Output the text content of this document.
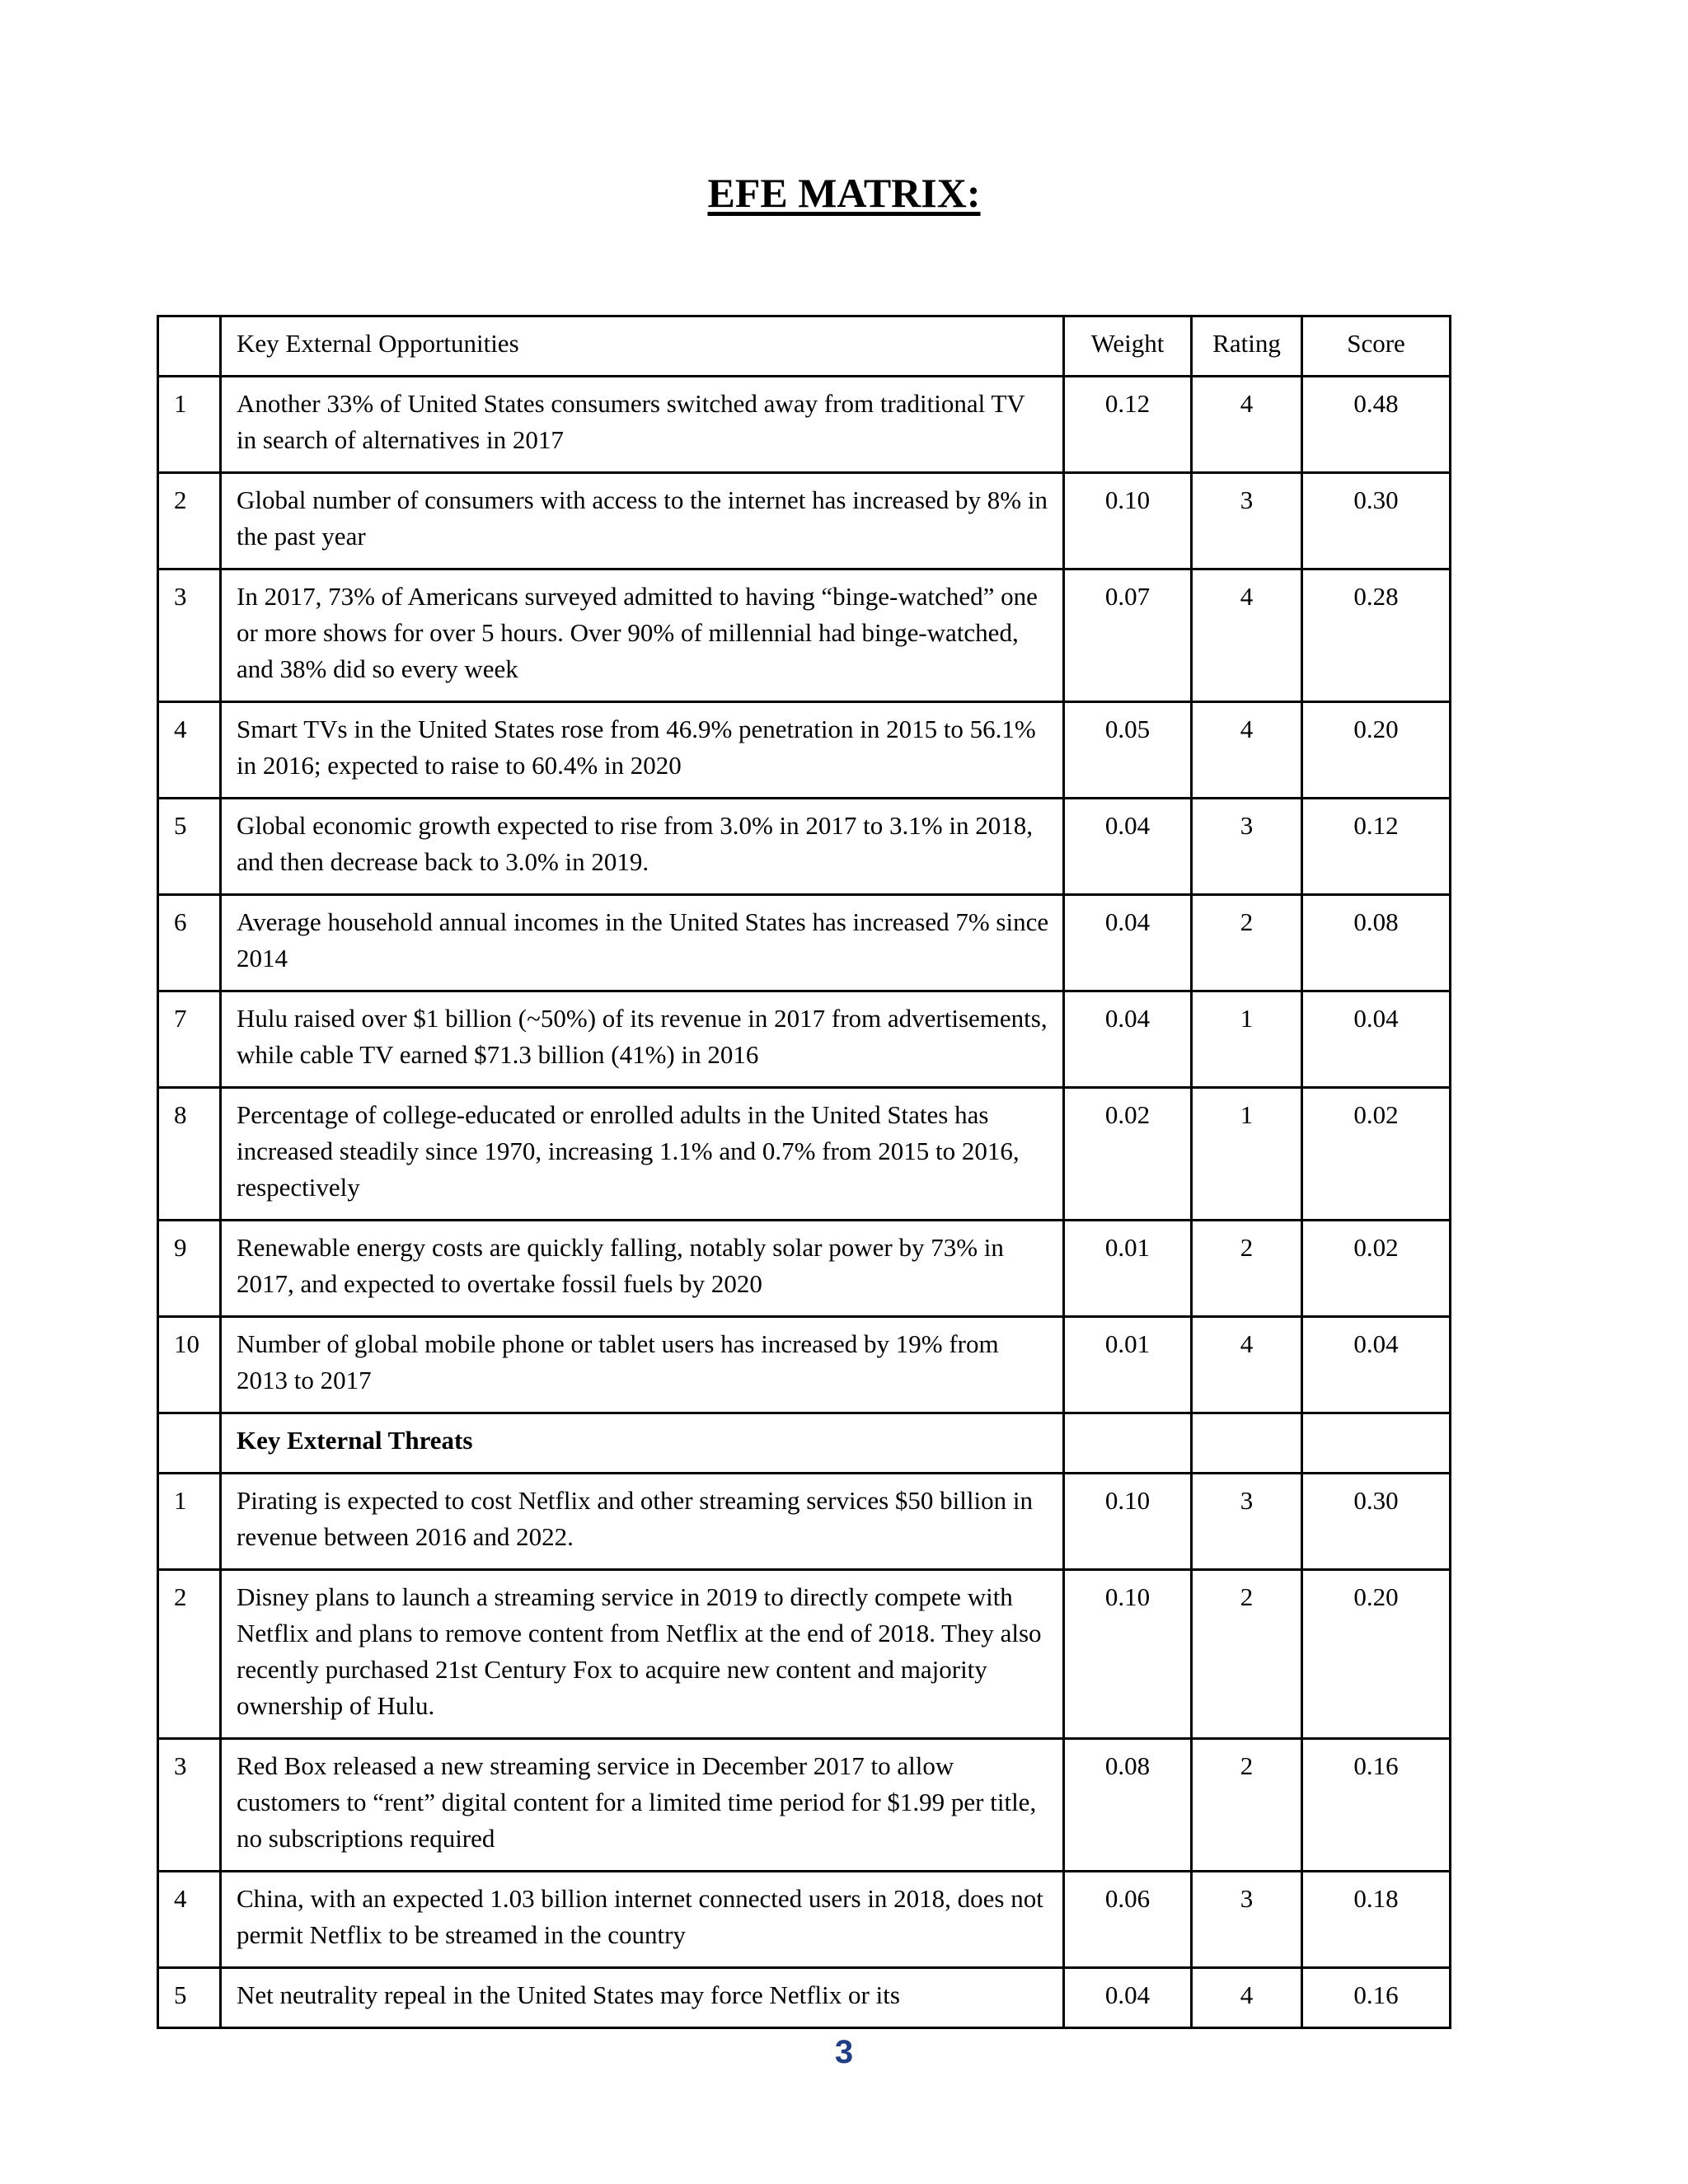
EFE MATRIX:
	Key External Opportunities	Weight	Rating	Score
1	Another 33% of United States consumers switched away from traditional TV in search of alternatives in 2017	0.12	4	0.48
2	Global number of consumers with access to the internet has increased by 8% in the past year	0.10	3	0.30
3	In 2017, 73% of Americans surveyed admitted to having “binge-watched” one or more shows for over 5 hours. Over 90% of millennial had binge-watched, and 38% did so every week	0.07	4	0.28
4	Smart TVs in the United States rose from 46.9% penetration in 2015 to 56.1% in 2016; expected to raise to 60.4% in 2020	0.05	4	0.20
5	Global economic growth expected to rise from 3.0% in 2017 to 3.1% in 2018, and then decrease back to 3.0% in 2019.	0.04	3	0.12
6	Average household annual incomes in the United States has increased 7% since 2014	0.04	2	0.08
7	Hulu raised over $1 billion (~50%) of its revenue in 2017 from advertisements, while cable TV earned $71.3 billion (41%) in 2016	0.04	1	0.04
8	Percentage of college-educated or enrolled adults in the United States has increased steadily since 1970, increasing 1.1% and 0.7% from 2015 to 2016, respectively	0.02	1	0.02
9	Renewable energy costs are quickly falling, notably solar power by 73% in 2017, and expected to overtake fossil fuels by 2020	0.01	2	0.02
10	Number of global mobile phone or tablet users has increased by 19% from 2013 to 2017	0.01	4	0.04
	Key External Threats			
1	Pirating is expected to cost Netflix and other streaming services $50 billion in revenue between 2016 and 2022.	0.10	3	0.30
2	Disney plans to launch a streaming service in 2019 to directly compete with Netflix and plans to remove content from Netflix at the end of 2018. They also recently purchased 21st Century Fox to acquire new content and majority ownership of Hulu.	0.10	2	0.20
3	Red Box released a new streaming service in December 2017 to allow customers to “rent” digital content for a limited time period for $1.99 per title, no subscriptions required	0.08	2	0.16
4	China, with an expected 1.03 billion internet connected users in 2018, does not permit Netflix to be streamed in the country	0.06	3	0.18
5	Net neutrality repeal in the United States may force Netflix or its	0.04	4	0.16
3
